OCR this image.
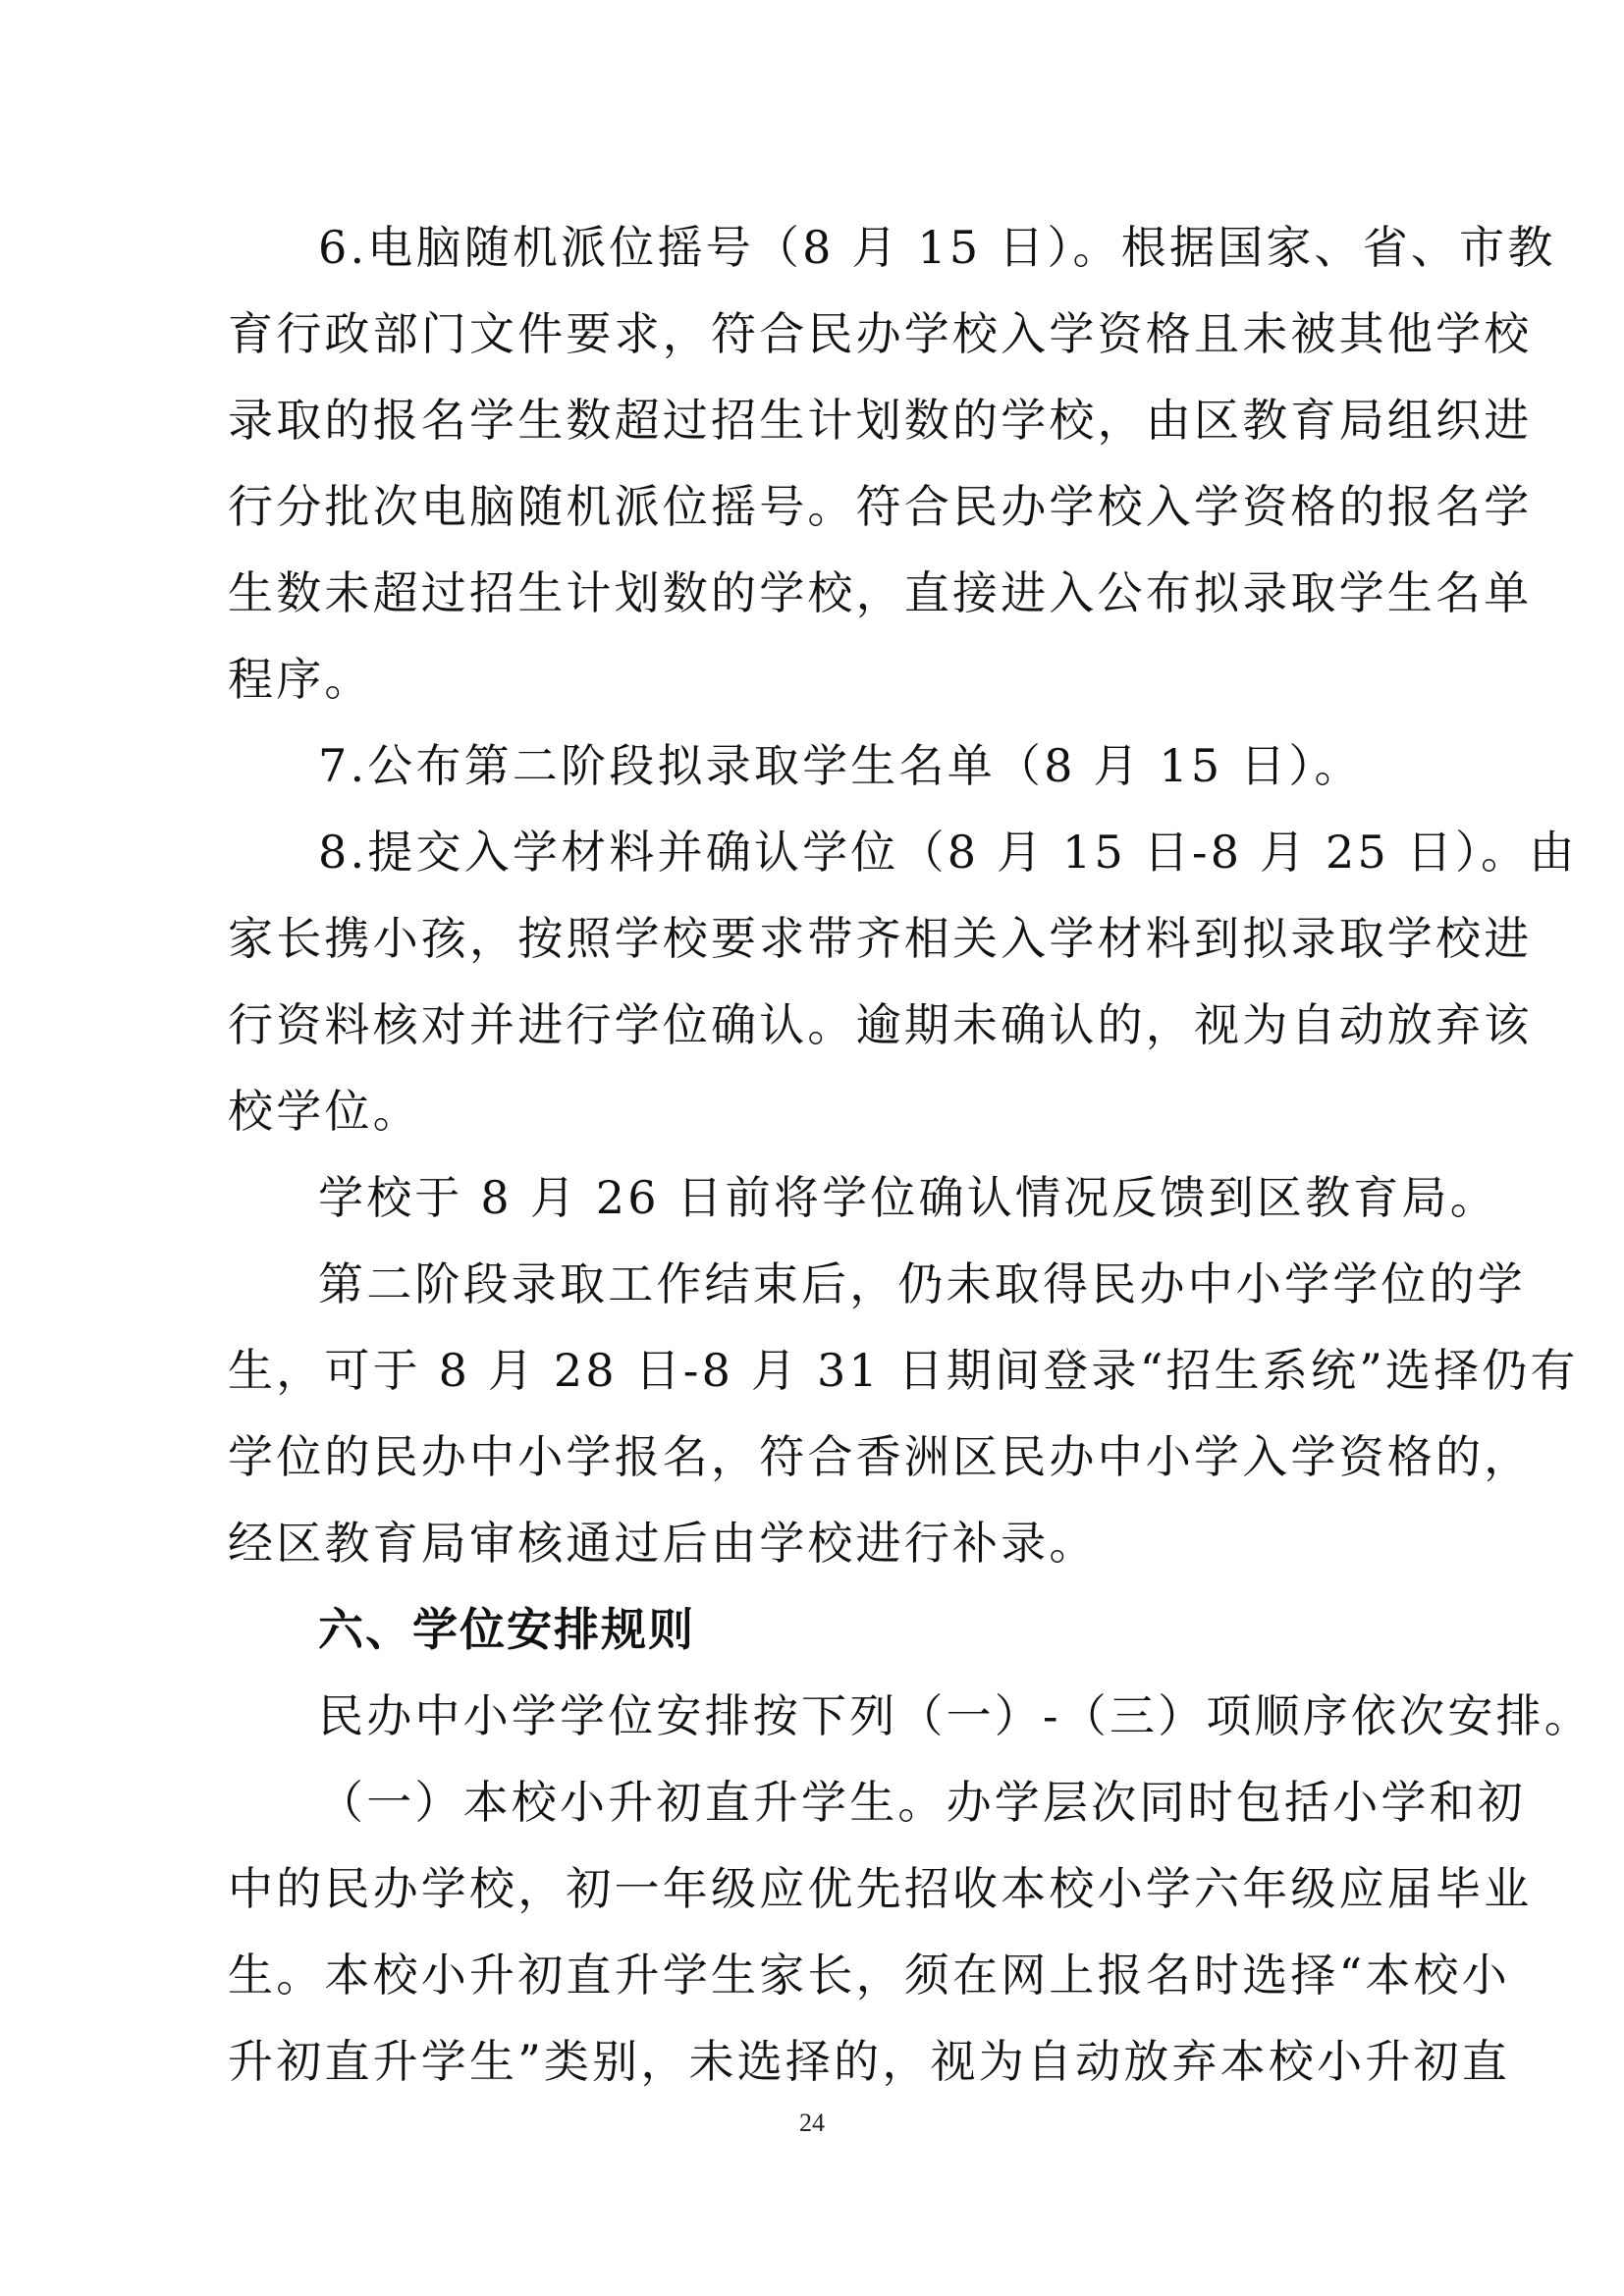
6.电脑随机派位摇号（8 月 15 日）。根据国家、省、市教
育行政部门文件要求，符合民办学校入学资格且未被其他学校
录取的报名学生数超过招生计划数的学校，由区教育局组织进
行分批次电脑随机派位摇号。符合民办学校入学资格的报名学
生数未超过招生计划数的学校，直接进入公布拟录取学生名单
程序。
7.公布第二阶段拟录取学生名单（8 月 15 日）。
8.提交入学材料并确认学位（8 月 15 日-8 月 25 日）。由
家长携小孩，按照学校要求带齐相关入学材料到拟录取学校进
行资料核对并进行学位确认。逾期未确认的，视为自动放弃该
校学位。
学校于 8 月 26 日前将学位确认情况反馈到区教育局。
第二阶段录取工作结束后，仍未取得民办中小学学位的学
生，可于 8 月 28 日-8 月 31 日期间登录“招生系统”选择仍有
学位的民办中小学报名，符合香洲区民办中小学入学资格的，
经区教育局审核通过后由学校进行补录。
六、学位安排规则
民办中小学学位安排按下列（一）-（三）项顺序依次安排。
（一）本校小升初直升学生。办学层次同时包括小学和初
中的民办学校，初一年级应优先招收本校小学六年级应届毕业
生。本校小升初直升学生家长，须在网上报名时选择“本校小
升初直升学生”类别，未选择的，视为自动放弃本校小升初直
24
